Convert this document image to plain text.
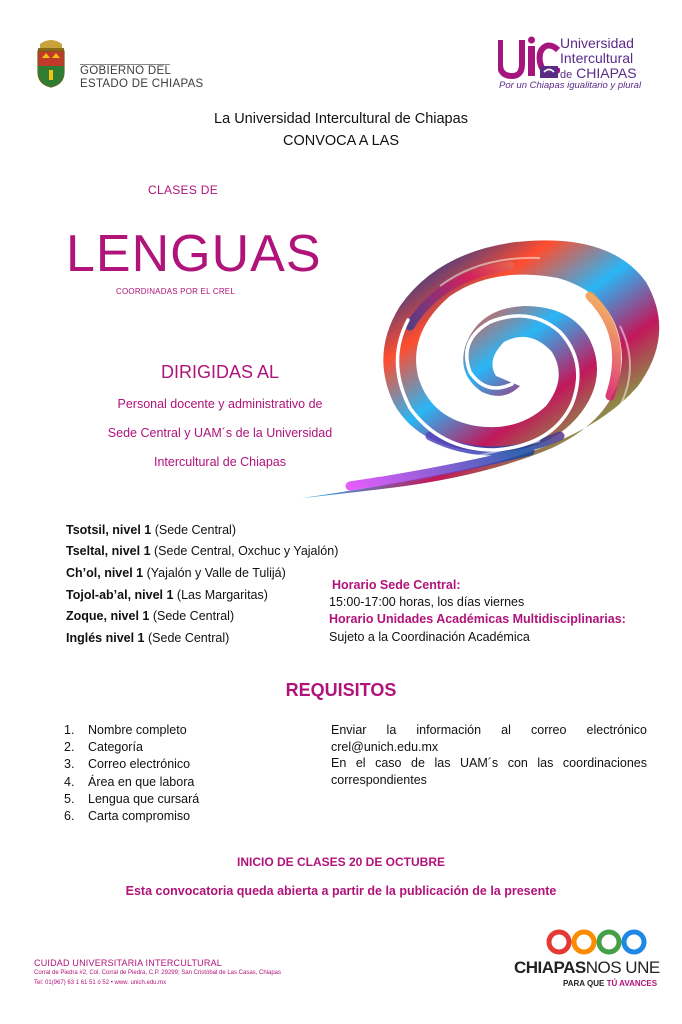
GOBIERNO DEL
ESTADO DE CHIAPAS
Universidad
Intercultural
de CHIAPAS
Por un Chiapas igualitario y plural
La Universidad Intercultural de Chiapas
CONVOCA A LAS
CLASES DE
LENGUAS
COORDINADAS POR EL CREL
DIRIGIDAS AL
Personal docente y administrativo de
Sede Central y UAM´s de la Universidad
Intercultural de Chiapas
Tsotsil, nivel 1 (Sede Central)
Tseltal, nivel 1 (Sede Central, Oxchuc y Yajalón)
Ch’ol, nivel 1 (Yajalón y Valle de Tulijá)
Tojol-ab’al, nivel 1 (Las Margaritas)
Zoque, nivel 1 (Sede Central)
Inglés nivel 1 (Sede Central)
Horario Sede Central:
15:00-17:00 horas, los días viernes
Horario Unidades Académicas Multidisciplinarias:
Sujeto a la Coordinación Académica
REQUISITOS
1. Nombre completo
2. Categoría
3. Correo electrónico
4. Área en que labora
5. Lengua que cursará
6. Carta compromiso
Enviar la información al correo electrónico crel@unich.edu.mx
En el caso de las UAM´s con las coordinaciones correspondientes
INICIO DE CLASES 20 DE OCTUBRE
Esta convocatoria queda abierta a partir de la publicación de la presente
CUIDAD UNIVERSITARIA INTERCULTURAL
Corral de Piedra #2, Col. Corral de Piedra, C.P. 29299; San Cristóbal de Las Casas, Chiapas
Tel: 01(967) 63 1 61 51 ó 52 • www. unich.edu.mx
CHIAPASNOS UNE
PARA QUE TÚ AVANCES
